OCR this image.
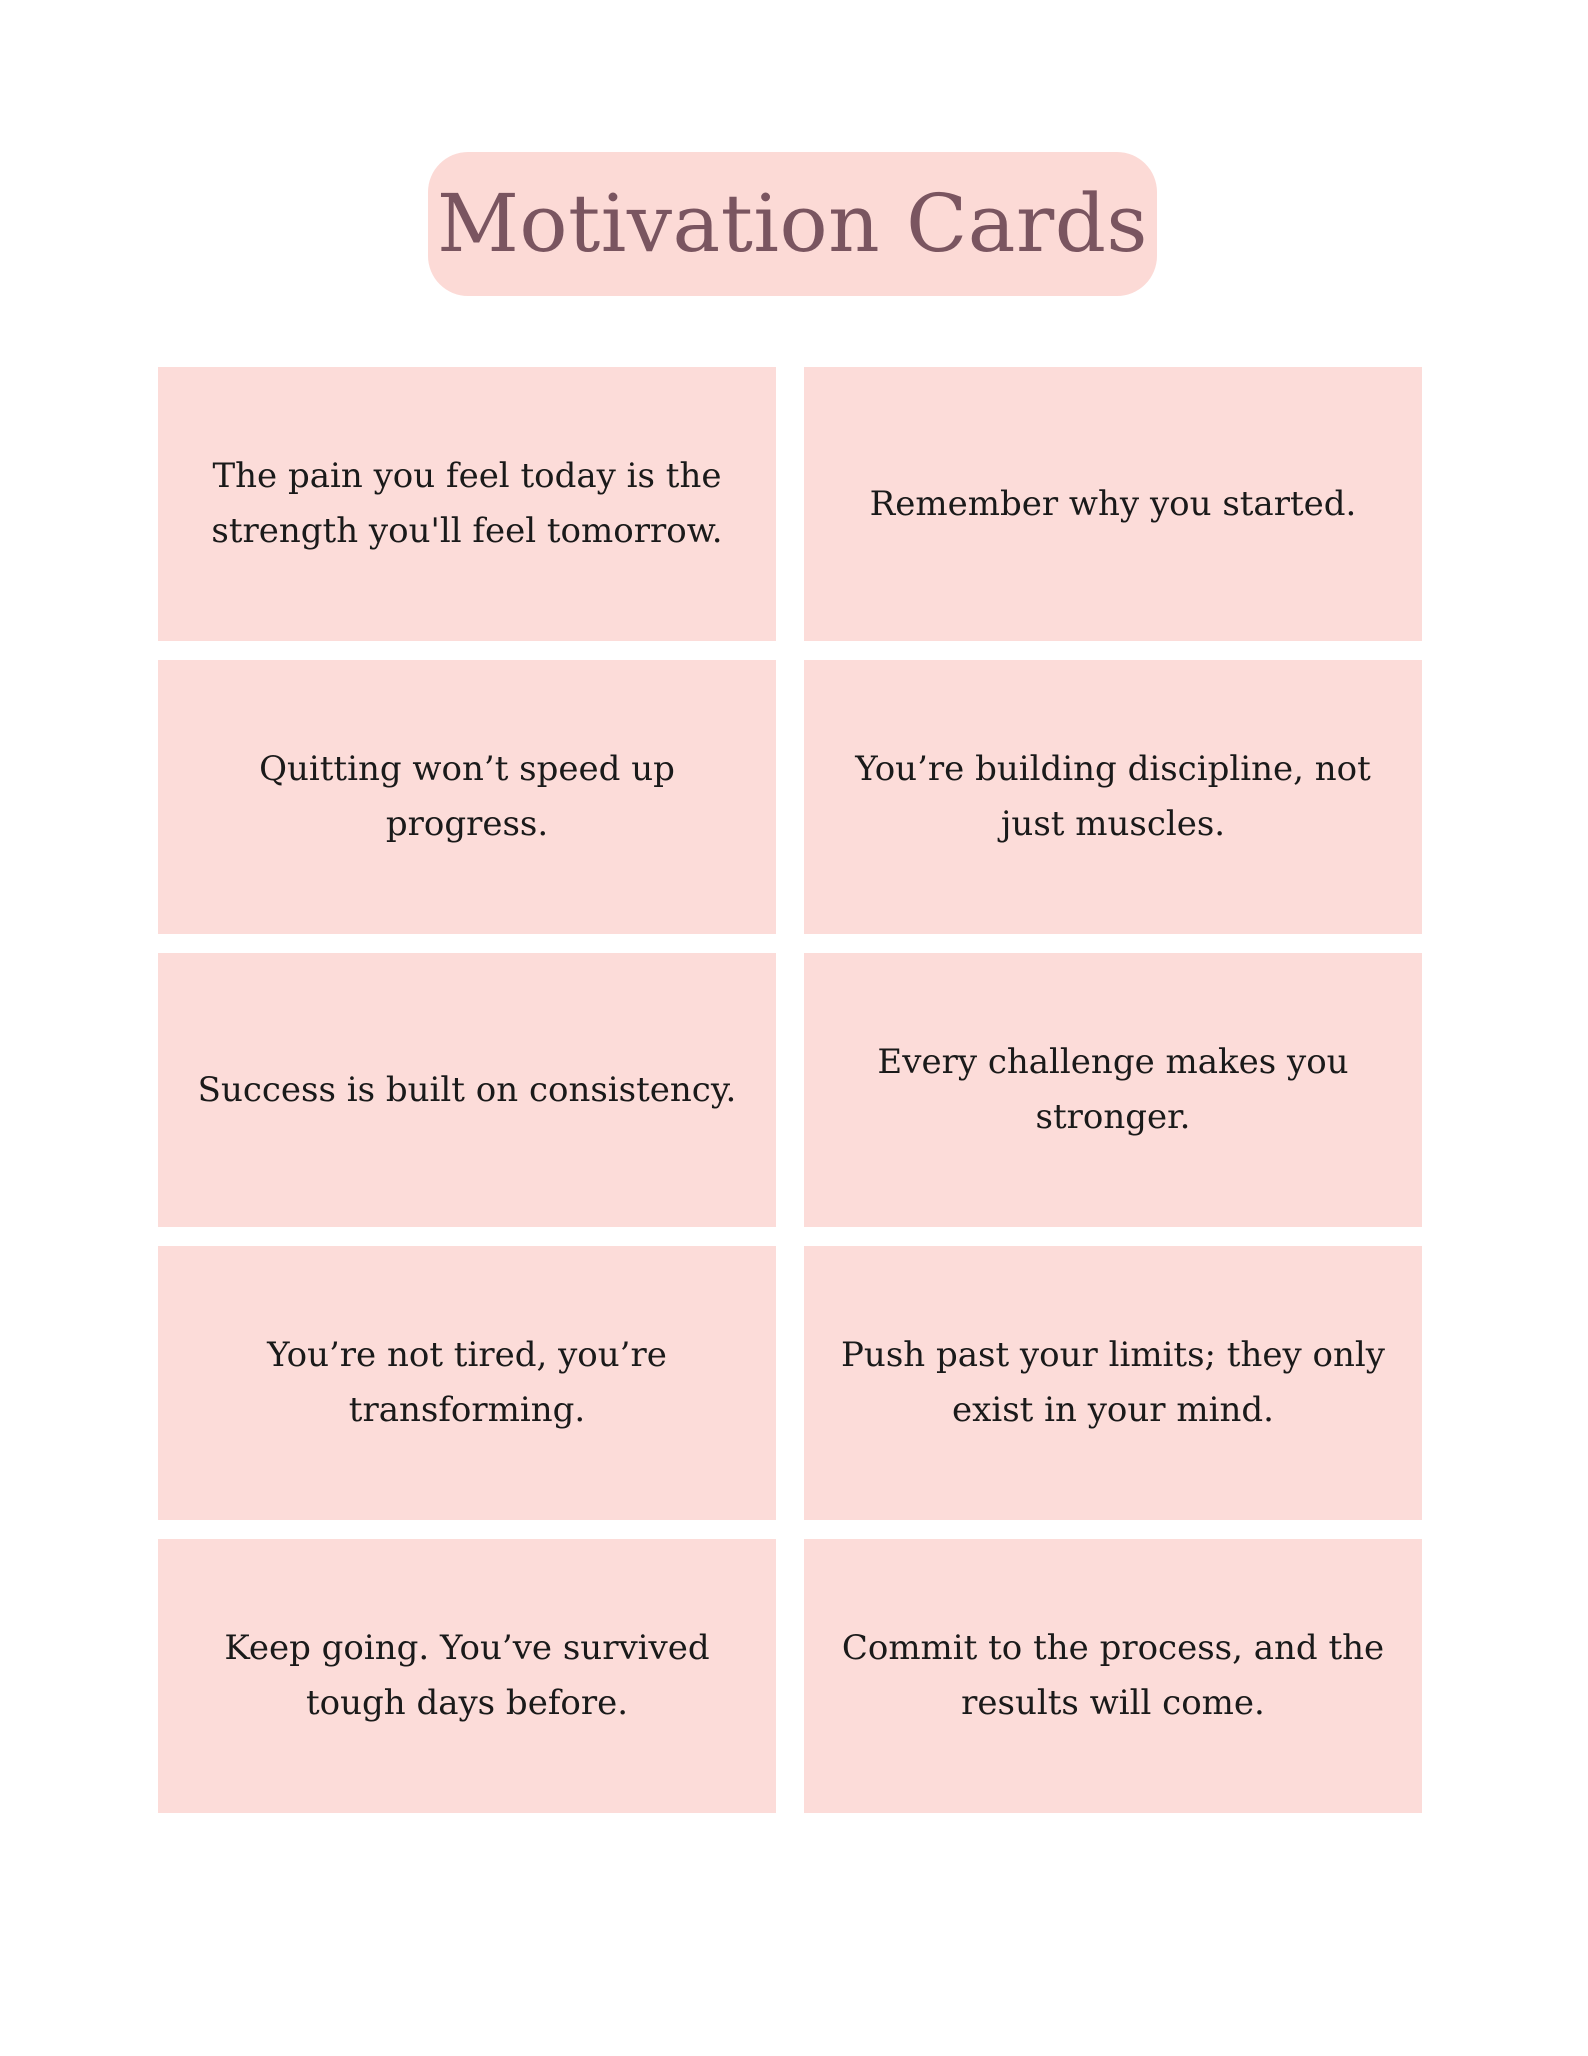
Motivation Cards
The pain you feel today is the strength you'll feel tomorrow.
Remember why you started.
Quitting won’t speed up progress.
You’re building discipline, not just muscles.
Success is built on consistency.
Every challenge makes you stronger.
You’re not tired, you’re transforming.
Push past your limits; they only exist in your mind.
Keep going. You’ve survived tough days before.
Commit to the process, and the results will come.
